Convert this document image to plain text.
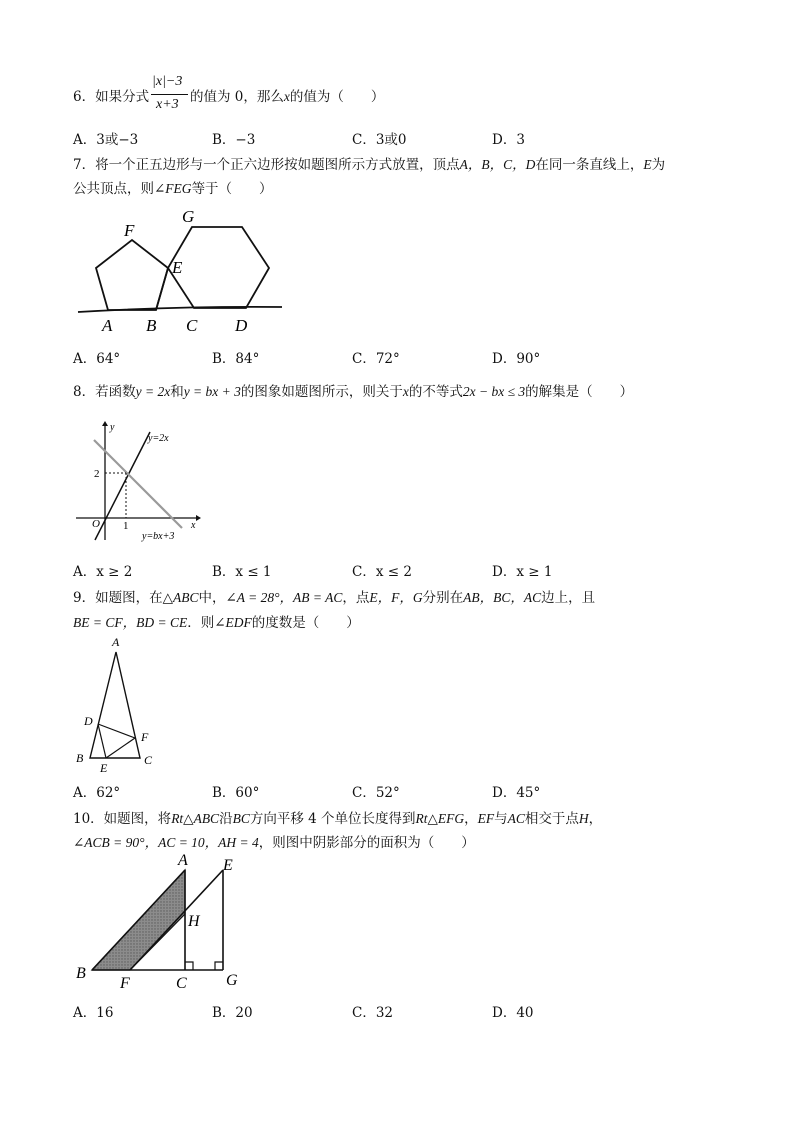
6．如果分式
|x|−3
x+3 的值为 0，那么x的值为（　　）
A．3或−3	B．−3	C．3或0	D．3
7．将一个正五边形与一个正六边形按如题图所示方式放置，顶点A，B，C，D在同一条直线上，E为
公共顶点，则∠FEG等于（　　）
F
G
E
A B C D
A．64°	B．84°	C．72°	D．90°
8．若函数y = 2x和y = bx + 3的图象如题图所示，则关于x的不等式2x − bx ≤ 3的解集是（　　）
y
y=2x
2
O 1	x
y=bx+3
A．x ≥ 2	B．x ≤ 1	C．x ≤ 2	D．x ≥ 1
9．如题图，在△ABC中，∠A = 28°，AB = AC，点E，F，G分别在AB，BC，AC边上，且
BE = CF，BD = CE．则∠EDF的度数是（　　）
A
D
F
B
E
C
A．62°	B．60°	C．52°	D．45°
10．如题图，将Rt△ABC沿BC方向平移 4 个单位长度得到Rt△EFG，EF与AC相交于点H，
∠ACB = 90°，AC = 10，AH = 4，则图中阴影部分的面积为（　　）
A E
H
B
F	C G
A．16	B．20	C．32	D．40
